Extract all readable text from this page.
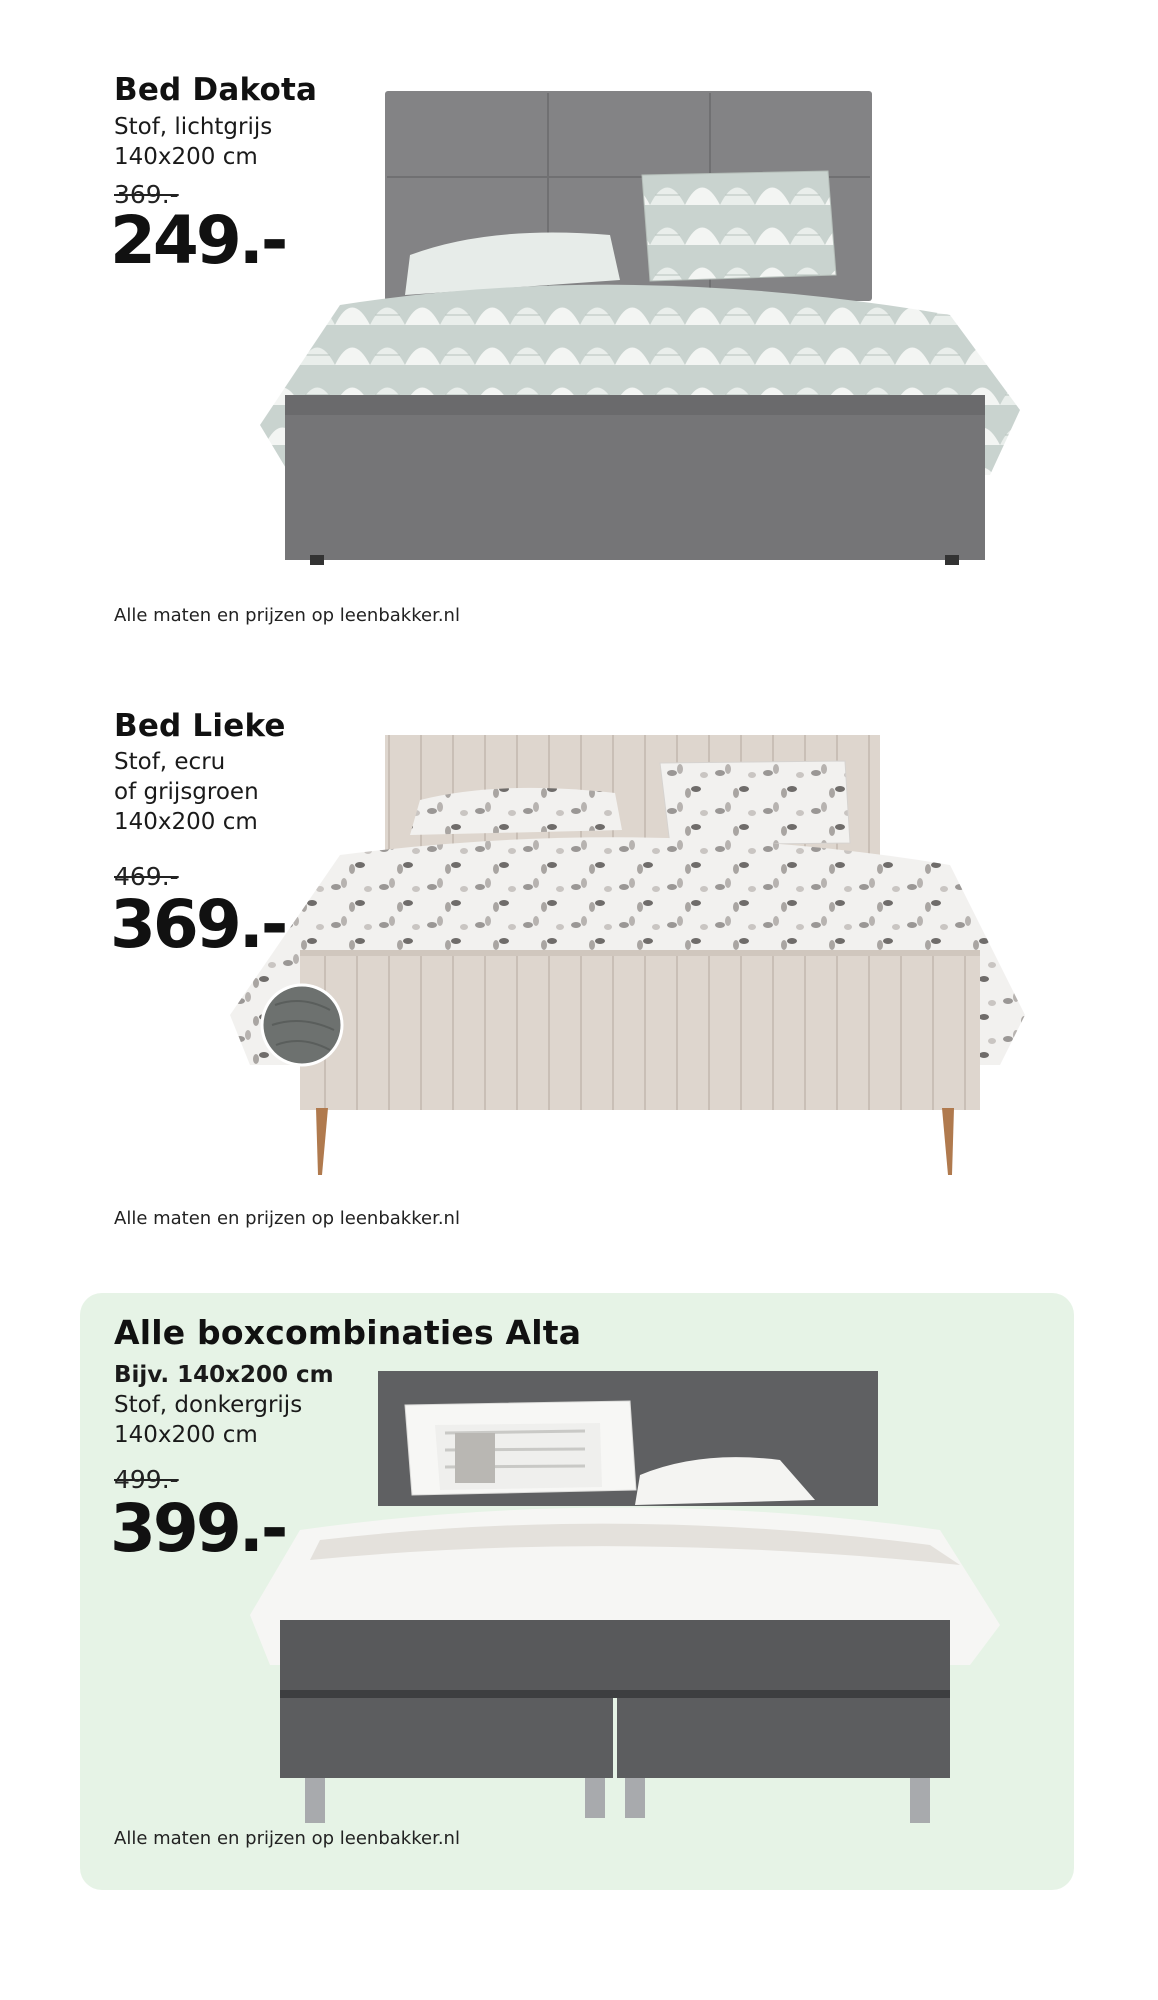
Bed Dakota
Stof, lichtgrijs
140x200 cm
369.-
249.-
Alle maten en prijzen op leenbakker.nl
Bed Lieke
Stof, ecru
of grijsgroen
140x200 cm
469.-
369.-
Alle maten en prijzen op leenbakker.nl
Alle boxcombinaties Alta
Bijv. 140x200 cm
Stof, donkergrijs
140x200 cm
499.-
399.-
Alle maten en prijzen op leenbakker.nl
